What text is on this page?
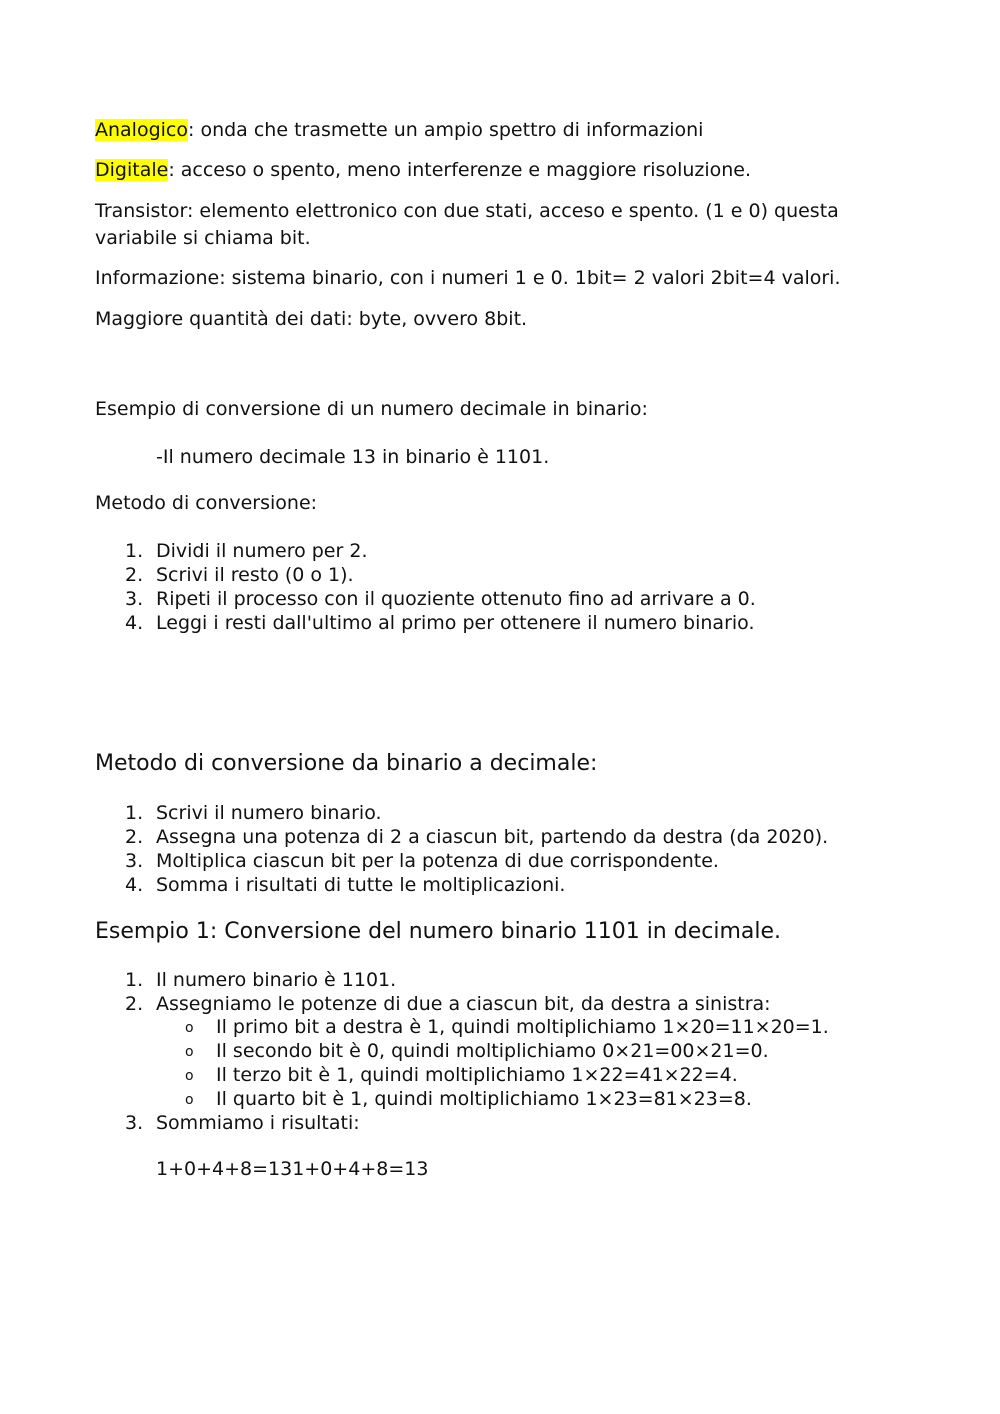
Analogico: onda che trasmette un ampio spettro di informazioni

Digitale: acceso o spento, meno interferenze e maggiore risoluzione.

Transistor: elemento elettronico con due stati, acceso e spento. (1 e 0) questa variabile si chiama bit.

Informazione: sistema binario, con i numeri 1 e 0. 1bit= 2 valori 2bit=4 valori.

Maggiore quantità dei dati: byte, ovvero 8bit.

Esempio di conversione di un numero decimale in binario:

-Il numero decimale 13 in binario è 1101.

Metodo di conversione:

1. Dividi il numero per 2.
2. Scrivi il resto (0 o 1).
3. Ripeti il processo con il quoziente ottenuto fino ad arrivare a 0.
4. Leggi i resti dall'ultimo al primo per ottenere il numero binario.

Metodo di conversione da binario a decimale:

1. Scrivi il numero binario.
2. Assegna una potenza di 2 a ciascun bit, partendo da destra (da 2020).
3. Moltiplica ciascun bit per la potenza di due corrispondente.
4. Somma i risultati di tutte le moltiplicazioni.

Esempio 1: Conversione del numero binario 1101 in decimale.

1. Il numero binario è 1101.
2. Assegniamo le potenze di due a ciascun bit, da destra a sinistra:
o Il primo bit a destra è 1, quindi moltiplichiamo 1×20=11×20=1.
o Il secondo bit è 0, quindi moltiplichiamo 0×21=00×21=0.
o Il terzo bit è 1, quindi moltiplichiamo 1×22=41×22=4.
o Il quarto bit è 1, quindi moltiplichiamo 1×23=81×23=8.
3. Sommiamo i risultati:

1+0+4+8=131+0+4+8=13
